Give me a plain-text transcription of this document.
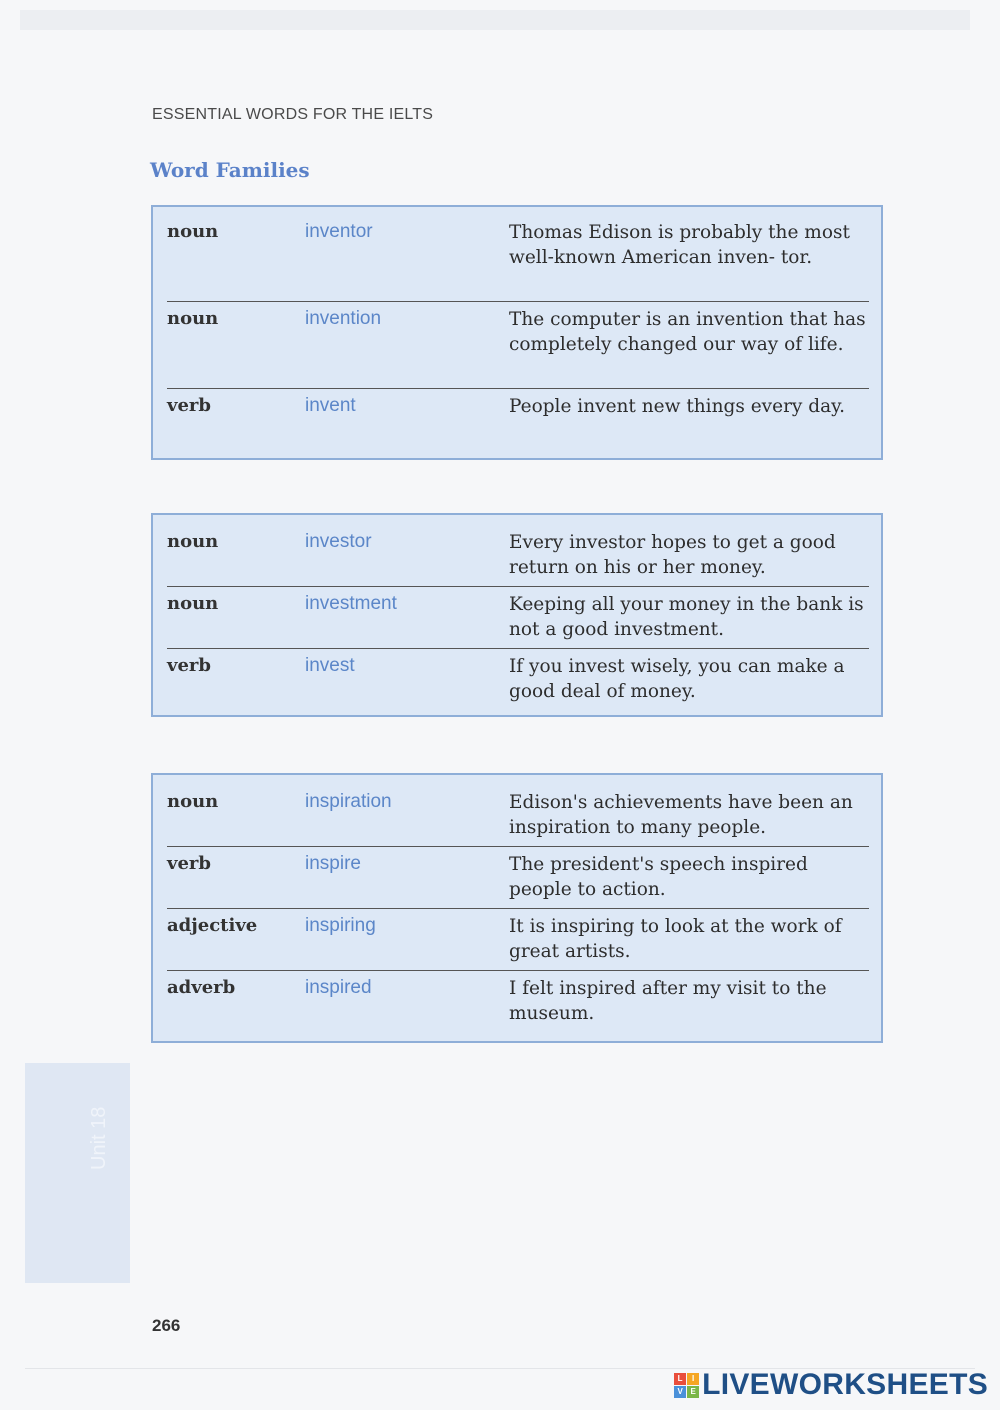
ESSENTIAL WORDS FOR THE IELTS
Word Families
noun	inventor	Thomas Edison is probably the most well-known American inven- tor.
noun	invention	The computer is an invention that has completely changed our way of life.
verb	invent	People invent new things every day.
noun	investor	Every investor hopes to get a good return on his or her money.
noun	investment	Keeping all your money in the bank is not a good investment.
verb	invest	If you invest wisely, you can make a good deal of money.
noun	inspiration	Edison's achievements have been an inspiration to many people.
verb	inspire	The president's speech inspired people to action.
adjective	inspiring	It is inspiring to look at the work of great artists.
adverb	inspired	I felt inspired after my visit to the museum.
Unit 18
266
L	I
V E LIVEWORKSHEETS
